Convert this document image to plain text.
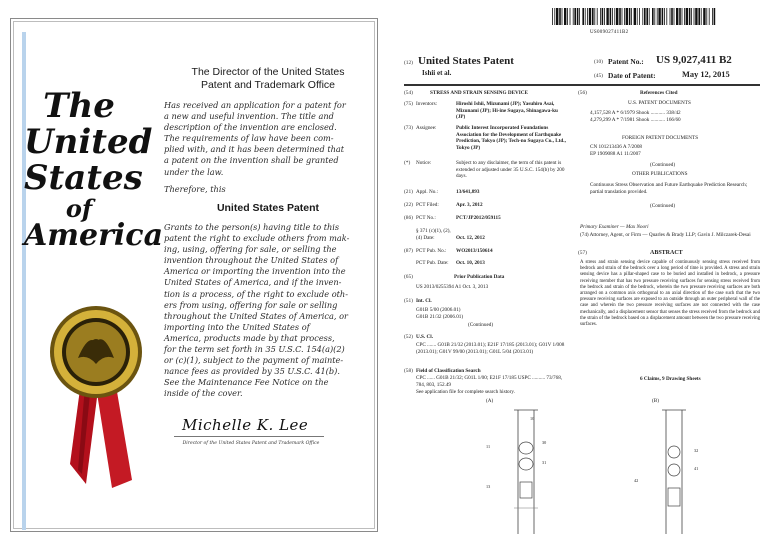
The
United
States
of
America
The Director of the United States
Patent and Trademark Office
Has received an application for a patent for
a new and useful invention. The title and
description of the invention are enclosed.
The requirements of law have been com-
plied with, and it has been determined that
a patent on the invention shall be granted
under the law.
Therefore, this
United States Patent
Grants to the person(s) having title to this
patent the right to exclude others from mak-
ing, using, offering for sale, or selling the
invention throughout the United States of
America or importing the invention into the
United States of America, and if the inven-
tion is a process, of the right to exclude oth-
ers from using, offering for sale or selling
throughout the United States of America, or
importing into the United States of
America, products made by that process,
for the term set forth in 35 U.S.C. 154(a)(2)
or (c)(1), subject to the payment of mainte-
nance fees as provided by 35 U.S.C. 41(b).
See the Maintenance Fee Notice on the
inside of the cover.
Michelle K. Lee
Director of the United States Patent and Trademark Office
US009027411B2
(12) United States Patent
Ishii et al.
(10) Patent No.: US 9,027,411 B2
(45) Date of Patent:	May 12, 2015
(54)	STRESS AND STRAIN SENSING DEVICE
(75) Inventors:	Hiroshi Ishii, Mizunami (JP); Yasuhiro Asai, Mizunami (JP); Hi-ine Sugaya, Shinagawa-ku (JP)
(73) Assignee:	Public Interest Incorporated Foundations Association for the Development of Earthquake Prediction, Tokyo (JP); Tech-no Sugaya Co., Ltd., Tokyo (JP)
(*) Notice:	Subject to any disclaimer, the term of this patent is extended or adjusted under 35 U.S.C. 154(b) by 200 days.
(21) Appl. No.:	13/641,893
(22) PCT Filed:	Apr. 3, 2012
(86) PCT No.:	PCT/JP2012/059115
§ 371 (c)(1), (2), (4) Date:	Oct. 12, 2012
(87) PCT Pub. No.: WO2013/150614
PCT Pub. Date: Oct. 10, 2013
(65)	Prior Publication Data
US 2013/0255394 A1 Oct. 3, 2013
(51) Int. Cl.
G01B 5/00 (2006.01)
G01B 21/32 (2006.01)
(Continued)
(52) U.S. Cl.
CPC ....... G01B 21/32 (2013.01); E21F 17/185 (2013.01); G01V 1/008 (2013.01); G01V 99/00 (2013.01); G01L 5/04 (2013.01)
(58) Field of Classification Search
CPC ...... G01B 21/32; G01L 1/00; E21F 17/185 USPC .......... 73/768, 784, 803, 152.49
See application file for complete search history.
(56)	References Cited
U.S. PATENT DOCUMENTS
4,157,528 A * 6/1979 Shook ........... 338/42
4,279,299 A * 7/1981 Shook ........... 166/60
FOREIGN PATENT DOCUMENTS
CN 101213436 A 7/2008
EP 1909088 A1 11/2007
(Continued)
OTHER PUBLICATIONS
Continuous Stress Observation and Future Earthquake Prediction Research; partial translation provided.
(Continued)
Primary Examiner — Max Noori
(74) Attorney, Agent, or Firm — Quarles & Brady LLP; Gavin J. Milczarek-Desai
(57)	ABSTRACT
A stress and strain sensing device capable of continuously sensing stress received from bedrock and strain of the bedrock over a long period of time is provided. A stress and strain sensing device has a pillar-shaped case to be buried and installed in bedrock, a pressure receiving member that has two pressure receiving surfaces for sensing stress received from the bedrock and strain of the bedrock, wherein the two pressure receiving surfaces are both arranged on a common axis orthogonal to an axial direction of the case such that the two pressure receiving surfaces are exposed to an outside through an outer peripheral wall of the case and wherein the two pressure receiving surfaces are not connected with the case mechanically, and a displacement sensor that senses the stress received from the bedrock and the strain of the bedrock based on a displacement amount between the two pressure receiving surfaces.
6 Claims, 9 Drawing Sheets
(A)	(B)
10
30
31
11
13
32
41
42
